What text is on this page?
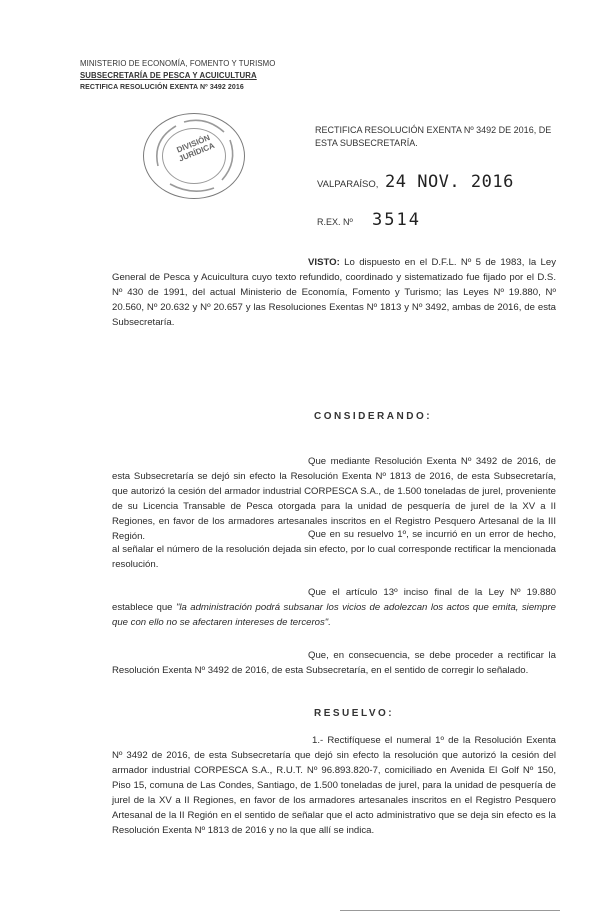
MINISTERIO DE ECONOMÍA, FOMENTO Y TURISMO
SUBSECRETARÍA DE PESCA Y ACUICULTURA
RECTIFICA RESOLUCIÓN EXENTA Nº 3492 2016
DIVISIÓN JURÍDICA
RECTIFICA RESOLUCIÓN EXENTA Nº 3492 DE 2016, DE ESTA SUBSECRETARÍA.
VALPARAÍSO, 24 NOV. 2016
R.EX. Nº 3514
VISTO: Lo dispuesto en el D.F.L. Nº 5 de 1983, la Ley General de Pesca y Acuicultura cuyo texto refundido, coordinado y sistematizado fue fijado por el D.S. Nº 430 de 1991, del actual Ministerio de Economía, Fomento y Turismo; las Leyes Nº 19.880, Nº 20.560, Nº 20.632 y Nº 20.657 y las Resoluciones Exentas Nº 1813 y Nº 3492, ambas de 2016, de esta Subsecretaría.
CONSIDERANDO:
Que mediante Resolución Exenta Nº 3492 de 2016, de esta Subsecretaría se dejó sin efecto la Resolución Exenta Nº 1813 de 2016, de esta Subsecretaría, que autorizó la cesión del armador industrial CORPESCA S.A., de 1.500 toneladas de jurel, proveniente de su Licencia Transable de Pesca otorgada para la unidad de pesquería de jurel de la XV a II Regiones, en favor de los armadores artesanales inscritos en el Registro Pesquero Artesanal de la III Región.	Que en su resuelvo 1º, se incurrió en un error de hecho, al señalar el número de la resolución dejada sin efecto, por lo cual corresponde rectificar la mencionada resolución.
Que el artículo 13º inciso final de la Ley Nº 19.880 establece que "la administración podrá subsanar los vicios de adolezcan los actos que emita, siempre que con ello no se afectaren intereses de terceros".
Que, en consecuencia, se debe proceder a rectificar la Resolución Exenta Nº 3492 de 2016, de esta Subsecretaría, en el sentido de corregir lo señalado.
RESUELVO:
1.- Rectifíquese el numeral 1º de la Resolución Exenta Nº 3492 de 2016, de esta Subsecretaría que dejó sin efecto la resolución que autorizó la cesión del armador industrial CORPESCA S.A., R.U.T. Nº 96.893.820-7, comiciliado en Avenida El Golf Nº 150, Piso 15, comuna de Las Condes, Santiago, de 1.500 toneladas de jurel, para la unidad de pesquería de jurel de la XV a II Regiones, en favor de los armadores artesanales inscritos en el Registro Pesquero Artesanal de la II Región en el sentido de señalar que el acto administrativo que se deja sin efecto es la Resolución Exenta Nº 1813 de 2016 y no la que allí se indica.
